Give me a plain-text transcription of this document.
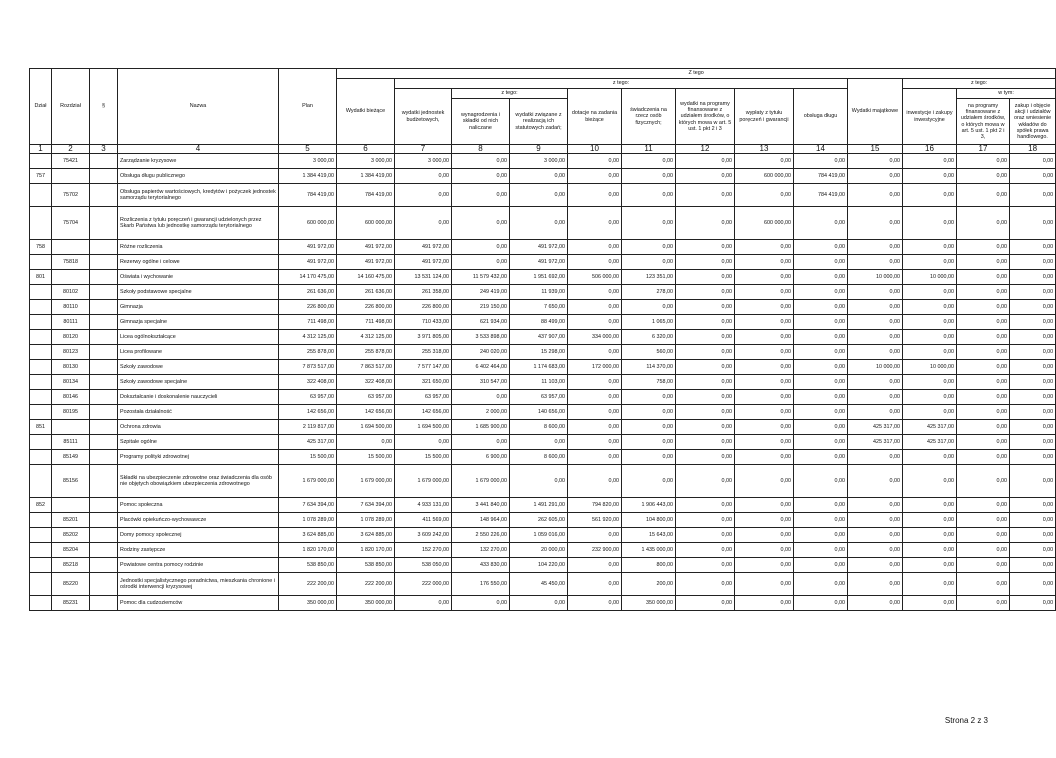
Dział	Rozdział	§	Nazwa	Plan	Z tego												
					Wydatki bieżące	z tego:								Wydatki majątkowe	z tego:		
						wydatki jednostek budżetowych,	z tego:		dotacje na zadania bieżące	świadczenia na rzecz osób fizycznych;	wydatki na programy finansowane z udziałem środków, o których mowa w art. 5 ust. 1 pkt 2 i 3	wypłaty z tytułu poręczeń i gwarancji	obsługa długu		inwestycje i zakupy inwestycyjne	w tym:	
							wynagrodzenia i składki od nich naliczane	wydatki związane z realizacją ich statutowych zadań;								na programy finansowane z udziałem środków, o których mowa w art. 5 ust. 1 pkt 2 i 3,	zakup i objęcie akcji i udziałów oraz wniesienie wkładów do spółek prawa handlowego.

1	2	3	4	5	6	7	8	9	10	11	12	13	14	15	16	17	18
	75421		Zarządzanie kryzysowe	3 000,00	3 000,00	3 000,00	0,00	3 000,00	0,00	0,00	0,00	0,00	0,00	0,00	0,00	0,00	0,00
757			Obsługa długu publicznego	1 384 419,00	1 384 419,00	0,00	0,00	0,00	0,00	0,00	0,00	600 000,00	784 419,00	0,00	0,00	0,00	0,00
	75702		Obsługa papierów wartościowych, kredytów i pożyczek jednostek samorządu terytorialnego	784 419,00	784 419,00	0,00	0,00	0,00	0,00	0,00	0,00	0,00	784 419,00	0,00	0,00	0,00	0,00
	75704		Rozliczenia z tytułu poręczeń i gwarancji udzielonych przez Skarb Państwa lub jednostkę samorządu terytorialnego	600 000,00	600 000,00	0,00	0,00	0,00	0,00	0,00	0,00	600 000,00	0,00	0,00	0,00	0,00	0,00
758			Różne rozliczenia	491 972,00	491 972,00	491 972,00	0,00	491 972,00	0,00	0,00	0,00	0,00	0,00	0,00	0,00	0,00	0,00
	75818		Rezerwy ogólne i celowe	491 972,00	491 972,00	491 972,00	0,00	491 972,00	0,00	0,00	0,00	0,00	0,00	0,00	0,00	0,00	0,00
801			Oświata i wychowanie	14 170 475,00	14 160 475,00	13 531 124,00	11 579 432,00	1 951 692,00	506 000,00	123 351,00	0,00	0,00	0,00	10 000,00	10 000,00	0,00	0,00
	80102		Szkoły podstawowe specjalne	261 636,00	261 636,00	261 358,00	249 419,00	11 939,00	0,00	278,00	0,00	0,00	0,00	0,00	0,00	0,00	0,00
	80110		Gimnazja	226 800,00	226 800,00	226 800,00	219 150,00	7 650,00	0,00	0,00	0,00	0,00	0,00	0,00	0,00	0,00	0,00
	80111		Gimnazja specjalne	711 498,00	711 498,00	710 433,00	621 934,00	88 499,00	0,00	1 065,00	0,00	0,00	0,00	0,00	0,00	0,00	0,00
	80120		Licea ogólnokształcące	4 312 125,00	4 312 125,00	3 971 805,00	3 533 898,00	437 907,00	334 000,00	6 320,00	0,00	0,00	0,00	0,00	0,00	0,00	0,00
	80123		Licea profilowane	255 878,00	255 878,00	255 318,00	240 020,00	15 298,00	0,00	560,00	0,00	0,00	0,00	0,00	0,00	0,00	0,00
	80130		Szkoły zawodowe	7 873 517,00	7 863 517,00	7 577 147,00	6 402 464,00	1 174 683,00	172 000,00	114 370,00	0,00	0,00	0,00	10 000,00	10 000,00	0,00	0,00
	80134		Szkoły zawodowe specjalne	322 408,00	322 408,00	321 650,00	310 547,00	11 103,00	0,00	758,00	0,00	0,00	0,00	0,00	0,00	0,00	0,00
	80146		Dokształcanie i doskonalenie nauczycieli	63 957,00	63 957,00	63 957,00	0,00	63 957,00	0,00	0,00	0,00	0,00	0,00	0,00	0,00	0,00	0,00
	80195		Pozostała działalność	142 656,00	142 656,00	142 656,00	2 000,00	140 656,00	0,00	0,00	0,00	0,00	0,00	0,00	0,00	0,00	0,00
851			Ochrona zdrowia	2 119 817,00	1 694 500,00	1 694 500,00	1 685 900,00	8 600,00	0,00	0,00	0,00	0,00	0,00	425 317,00	425 317,00	0,00	0,00
	85111		Szpitale ogólne	425 317,00	0,00	0,00	0,00	0,00	0,00	0,00	0,00	0,00	0,00	425 317,00	425 317,00	0,00	0,00
	85149		Programy polityki zdrowotnej	15 500,00	15 500,00	15 500,00	6 900,00	8 600,00	0,00	0,00	0,00	0,00	0,00	0,00	0,00	0,00	0,00
	85156		Składki na ubezpieczenie zdrowotne oraz świadczenia dla osób nie objętych obowiązkiem ubezpieczenia zdrowotnego	1 679 000,00	1 679 000,00	1 679 000,00	1 679 000,00	0,00	0,00	0,00	0,00	0,00	0,00	0,00	0,00	0,00	0,00
852			Pomoc społeczna	7 634 394,00	7 634 394,00	4 933 131,00	3 441 840,00	1 491 291,00	794 820,00	1 906 443,00	0,00	0,00	0,00	0,00	0,00	0,00	0,00
	85201		Placówki opiekuńczo-wychowawcze	1 078 289,00	1 078 289,00	411 569,00	148 964,00	262 605,00	561 920,00	104 800,00	0,00	0,00	0,00	0,00	0,00	0,00	0,00
	85202		Domy pomocy społecznej	3 624 885,00	3 624 885,00	3 609 242,00	2 550 226,00	1 059 016,00	0,00	15 643,00	0,00	0,00	0,00	0,00	0,00	0,00	0,00
	85204		Rodziny zastępcze	1 820 170,00	1 820 170,00	152 270,00	132 270,00	20 000,00	232 900,00	1 435 000,00	0,00	0,00	0,00	0,00	0,00	0,00	0,00
	85218		Powiatowe centra pomocy rodzinie	538 850,00	538 850,00	538 050,00	433 830,00	104 220,00	0,00	800,00	0,00	0,00	0,00	0,00	0,00	0,00	0,00
	85220		Jednostki specjalistycznego poradnictwa, mieszkania chronione i ośrodki interwencji kryzysowej	222 200,00	222 200,00	222 000,00	176 550,00	45 450,00	0,00	200,00	0,00	0,00	0,00	0,00	0,00	0,00	0,00
	85231		Pomoc dla cudzoziemców	350 000,00	350 000,00	0,00	0,00	0,00	0,00	350 000,00	0,00	0,00	0,00	0,00	0,00	0,00	0,00
Strona 2 z 3
